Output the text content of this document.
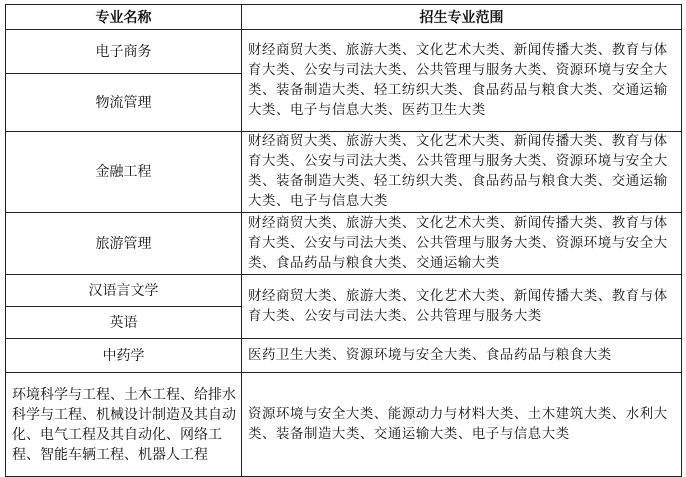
专业名称	招生专业范围
电子商务	财经商贸大类、旅游大类、文化艺术大类、新闻传播大类、教育与体育大类、公安与司法大类、公共管理与服务大类、资源环境与安全大类、装备制造大类、轻工纺织大类、食品药品与粮食大类、交通运输大类、电子与信息大类、医药卫生大类
物流管理	
金融工程	财经商贸大类、旅游大类、文化艺术大类、新闻传播大类、教育与体育大类、公安与司法大类、公共管理与服务大类、资源环境与安全大类、装备制造大类、轻工纺织大类、食品药品与粮食大类、交通运输大类、电子与信息大类
旅游管理	财经商贸大类、旅游大类、文化艺术大类、新闻传播大类、教育与体育大类、公安与司法大类、公共管理与服务大类、资源环境与安全大类、食品药品与粮食大类、交通运输大类
汉语言文学	财经商贸大类、旅游大类、文化艺术大类、新闻传播大类、教育与体育大类、公安与司法大类、公共管理与服务大类
英语	
中药学	医药卫生大类、资源环境与安全大类、食品药品与粮食大类
环境科学与工程、土木工程、给排水科学与工程、机械设计制造及其自动化、电气工程及其自动化、网络工程、智能车辆工程、机器人工程	资源环境与安全大类、能源动力与材料大类、土木建筑大类、水利大类、装备制造大类、交通运输大类、电子与信息大类
